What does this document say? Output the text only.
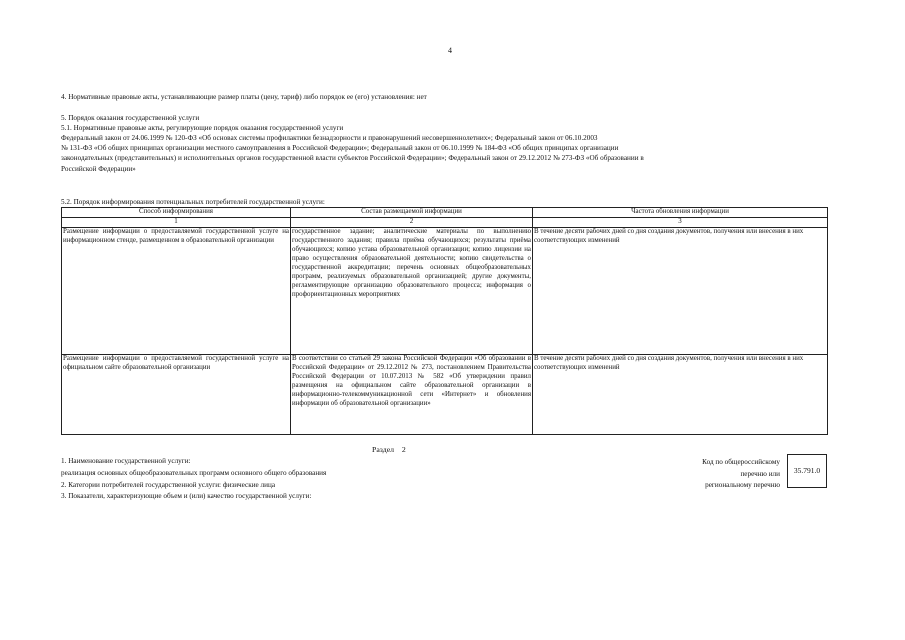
4
4. Нормативные правовые акты, устанавливающие размер платы (цену, тариф) либо порядок ее (его) установления: нет
5. Порядок оказания государственной услуги
5.1. Нормативные правовые акты, регулирующие порядок оказания государственной услуги
Федеральный закон от 24.06.1999 № 120-ФЗ «Об основах системы профилактики безнадзорности и правонарушений несовершеннолетних»; Федеральный закон от 06.10.2003
№ 131-ФЗ «Об общих принципах организации местного самоуправления в Российской Федерации»; Федеральный закон от 06.10.1999 № 184-ФЗ «Об общих принципах организации
законодательных (представительных) и исполнительных органов государственной власти субъектов Российской Федерации»; Федеральный закон от 29.12.2012 № 273-ФЗ «Об образовании в
Российской Федерации»
5.2. Порядок информирования потенциальных потребителей государственной услуги:
Способ информирования	Состав размещаемой информации	Частота обновления информации
1	2	3
Размещение информации о предоставляемой государственной услуге на информационном стенде, размещенном в образовательной организации	государственное задание; аналитические материалы по выполнению государственного задания; правила приёма обучающихся; результаты приёма обучающихся; копию устава образовательной организации; копию лицензии на право осуществления образовательной деятельности; копию свидетельства о государственной аккредитации; перечень основных общеобразовательных программ, реализуемых образовательной организацией; другие документы, регламентирующие организацию образовательного процесса; информация о профориентационных мероприятиях	В течение десяти рабочих дней со дня создания документов, получения или внесения в них соответствующих изменений
Размещение информации о предоставляемой государственной услуге на официальном сайте образовательной организации	В соответствии со статьей 29 закона Российской Федерации «Об образовании в Российской Федерации» от 29.12.2012 № 273, постановлением Правительства Российской Федерации от 10.07.2013 № 582 «Об утверждении правил размещения на официальном сайте образовательной организации в информационно-телекоммуникационной сети «Интернет» и обновления информации об образовательной организации»	В течение десяти рабочих дней со дня создания документов, получения или внесения в них соответствующих изменений
Раздел 2
1. Наименование государственной услуги:
реализация основных общеобразовательных программ основного общего образования
2. Категории потребителей государственной услуги: физические лица
3. Показатели, характеризующие объем и (или) качество государственной услуги:
Код по общероссийскому
перечню или
региональному перечню
35.791.0
